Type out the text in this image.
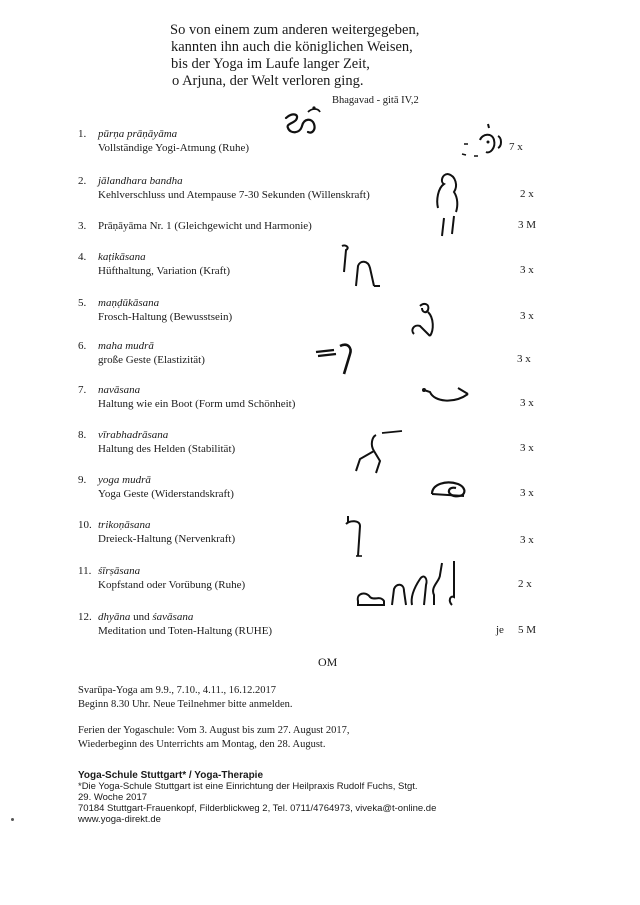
So von einem zum anderen weitergegeben,
kannten ihn auch die königlichen Weisen,
bis der Yoga im Laufe langer Zeit,
o Arjuna, der Welt verloren ging.
Bhagavad - gitā IV,2
1. pūrṇa prāṇāyāma
Vollständige Yogi-Atmung (Ruhe)	7 x
2. jālandhara bandha
Kehlverschluss und Atempause 7-30 Sekunden (Willenskraft)	2 x
3. Prāṇāyāma Nr. 1 (Gleichgewicht und Harmonie)	3 M
4. kaṭikāsana
Hüfthaltung, Variation (Kraft)	3 x
5. maṇḍūkāsana
Frosch-Haltung (Bewusstsein)	3 x
6. maha mudrā
große Geste (Elastizität)	3 x
7. navāsana
Haltung wie ein Boot (Form umd Schönheit)	3 x
8. vīrabhadrāsana
Haltung des Helden (Stabilität)	3 x
9. yoga mudrā
Yoga Geste (Widerstandskraft)	3 x
10. trikoṇāsana
Dreieck-Haltung (Nervenkraft)	3 x
11. śīrṣāsana
Kopfstand oder Vorübung (Ruhe)	2 x
12. dhyāna und śavāsana
Meditation und Toten-Haltung (RUHE)	je 5 M
OM
Svarūpa-Yoga am 9.9., 7.10., 4.11., 16.12.2017
Beginn 8.30 Uhr. Neue Teilnehmer bitte anmelden.
Ferien der Yogaschule: Vom 3. August bis zum 27. August 2017,
Wiederbeginn des Unterrichts am Montag, den 28. August.
Yoga-Schule Stuttgart* / Yoga-Therapie
*Die Yoga-Schule Stuttgart ist eine Einrichtung der Heilpraxis Rudolf Fuchs, Stgt.
29. Woche 2017
70184 Stuttgart-Frauenkopf, Filderblickweg 2, Tel. 0711/4764973, viveka@t-online.de
www.yoga-direkt.de
